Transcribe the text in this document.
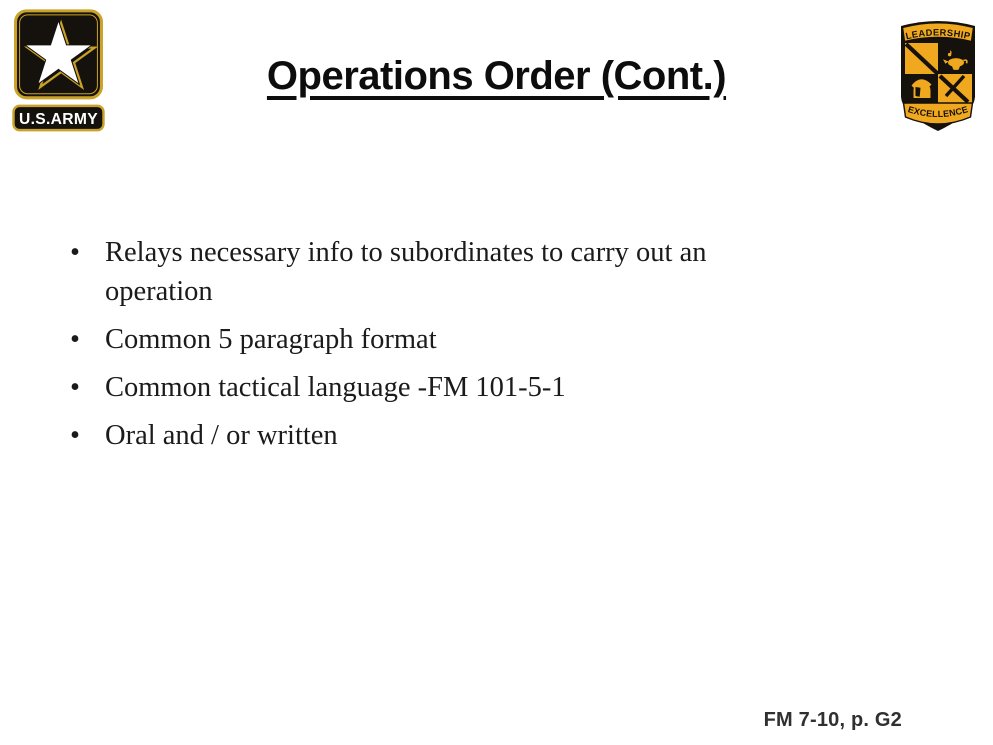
U.S.ARMY
Operations Order (Cont.)
LEADERSHIP
EXCELLENCE
• Relays necessary info to subordinates to carry out an operation
• Common 5 paragraph format
• Common tactical language -FM 101-5-1
• Oral and / or written
FM 7-10, p. G2
